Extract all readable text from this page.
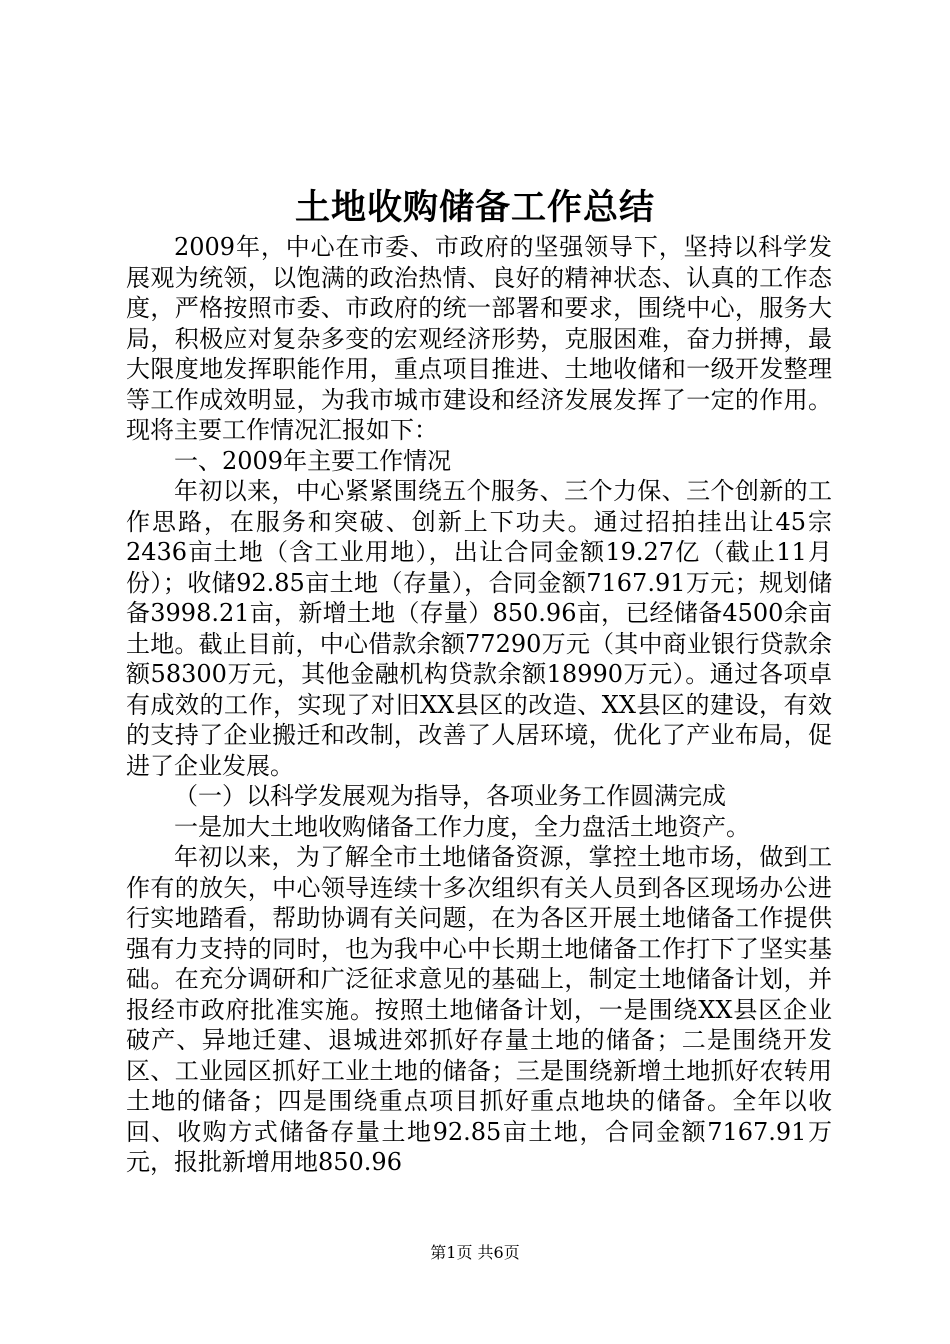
土地收购储备工作总结

2009年，中心在市委、市政府的坚强领导下，坚持以科学发展观为统领，以饱满的政治热情、良好的精神状态、认真的工作态度，严格按照市委、市政府的统一部署和要求，围绕中心，服务大局，积极应对复杂多变的宏观经济形势，克服困难，奋力拼搏，最大限度地发挥职能作用，重点项目推进、土地收储和一级开发整理等工作成效明显，为我市城市建设和经济发展发挥了一定的作用。现将主要工作情况汇报如下：

一、2009年主要工作情况

年初以来，中心紧紧围绕五个服务、三个力保、三个创新的工作思路，在服务和突破、创新上下功夫。通过招拍挂出让45宗2436亩土地（含工业用地），出让合同金额19.27亿（截止11月份）；收储92.85亩土地（存量），合同金额7167.91万元；规划储备3998.21亩，新增土地（存量）850.96亩，已经储备4500余亩土地。截止目前，中心借款余额77290万元（其中商业银行贷款余额58300万元，其他金融机构贷款余额18990万元）。通过各项卓有成效的工作，实现了对旧XX县区的改造、XX县区的建设，有效的支持了企业搬迁和改制，改善了人居环境，优化了产业布局，促进了企业发展。

（一）以科学发展观为指导，各项业务工作圆满完成

一是加大土地收购储备工作力度，全力盘活土地资产。

年初以来，为了解全市土地储备资源，掌控土地市场，做到工作有的放矢，中心领导连续十多次组织有关人员到各区现场办公进行实地踏看，帮助协调有关问题，在为各区开展土地储备工作提供强有力支持的同时，也为我中心中长期土地储备工作打下了坚实基础。在充分调研和广泛征求意见的基础上，制定土地储备计划，并报经市政府批准实施。按照土地储备计划，一是围绕XX县区企业破产、异地迁建、退城进郊抓好存量土地的储备；二是围绕开发区、工业园区抓好工业土地的储备；三是围绕新增土地抓好农转用土地的储备；四是围绕重点项目抓好重点地块的储备。全年以收回、收购方式储备存量土地92.85亩土地，合同金额7167.91万元，报批新增用地850.96

第1页 共6页
